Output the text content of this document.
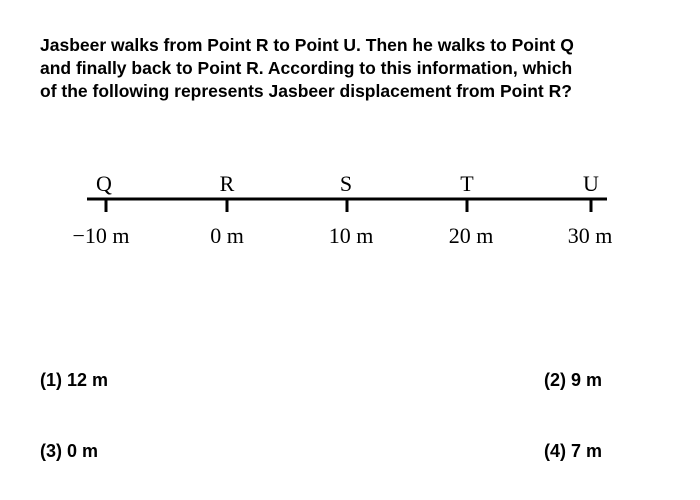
Jasbeer walks from Point R to Point U. Then he walks to Point Q
and finally back to Point R. According to this information, which
of the following represents Jasbeer displacement from Point R?
Q	R	S	T	U
−10 m	0 m	10 m	20 m	30 m
(1) 12 m	(2) 9 m
(3) 0 m	(4) 7 m
